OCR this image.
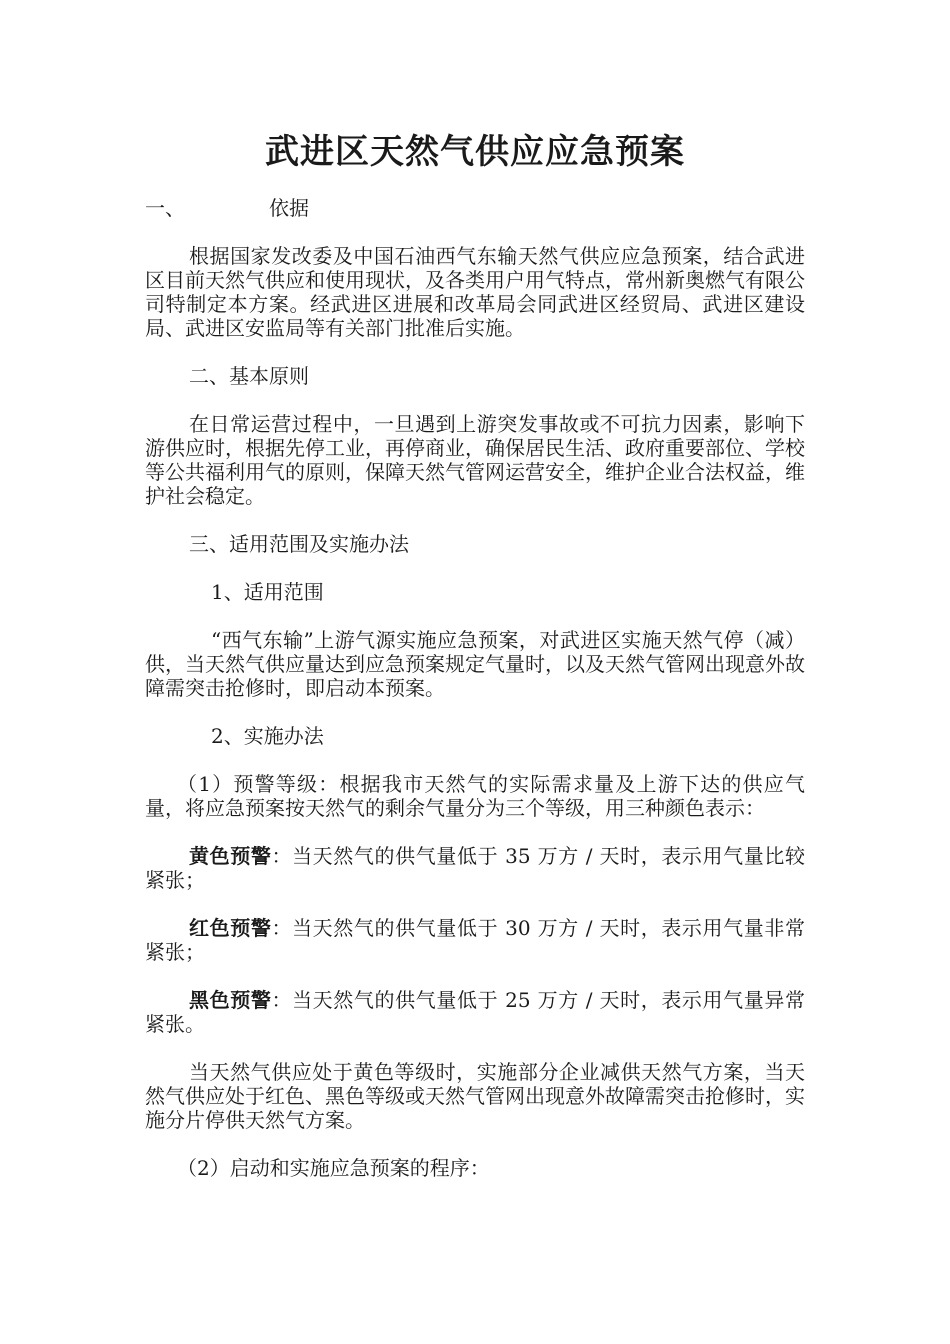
武进区天然气供应应急预案
一、	依据

根据国家发改委及中国石油西气东输天然气供应应急预案，结合武进区目前天然气供应和使用现状，及各类用户用气特点，常州新奥燃气有限公司特制定本方案。经武进区进展和改革局会同武进区经贸局、武进区建设局、武进区安监局等有关部门批准后实施。

二、基本原则

在日常运营过程中，一旦遇到上游突发事故或不可抗力因素，影响下游供应时，根据先停工业，再停商业，确保居民生活、政府重要部位、学校等公共福利用气的原则，保障天然气管网运营安全，维护企业合法权益，维护社会稳定。

三、适用范围及实施办法

1、适用范围

“西气东输”上游气源实施应急预案，对武进区实施天然气停（减）供，当天然气供应量达到应急预案规定气量时，以及天然气管网出现意外故障需突击抢修时，即启动本预案。

2、实施办法

（1）预警等级：根据我市天然气的实际需求量及上游下达的供应气量，将应急预案按天然气的剩余气量分为三个等级，用三种颜色表示：

黄色预警：当天然气的供气量低于 35 万方 / 天时，表示用气量比较紧张；

红色预警：当天然气的供气量低于 30 万方 / 天时，表示用气量非常紧张；

黑色预警：当天然气的供气量低于 25 万方 / 天时，表示用气量异常紧张。

当天然气供应处于黄色等级时，实施部分企业减供天然气方案，当天然气供应处于红色、黑色等级或天然气管网出现意外故障需突击抢修时，实施分片停供天然气方案。

（2）启动和实施应急预案的程序：
